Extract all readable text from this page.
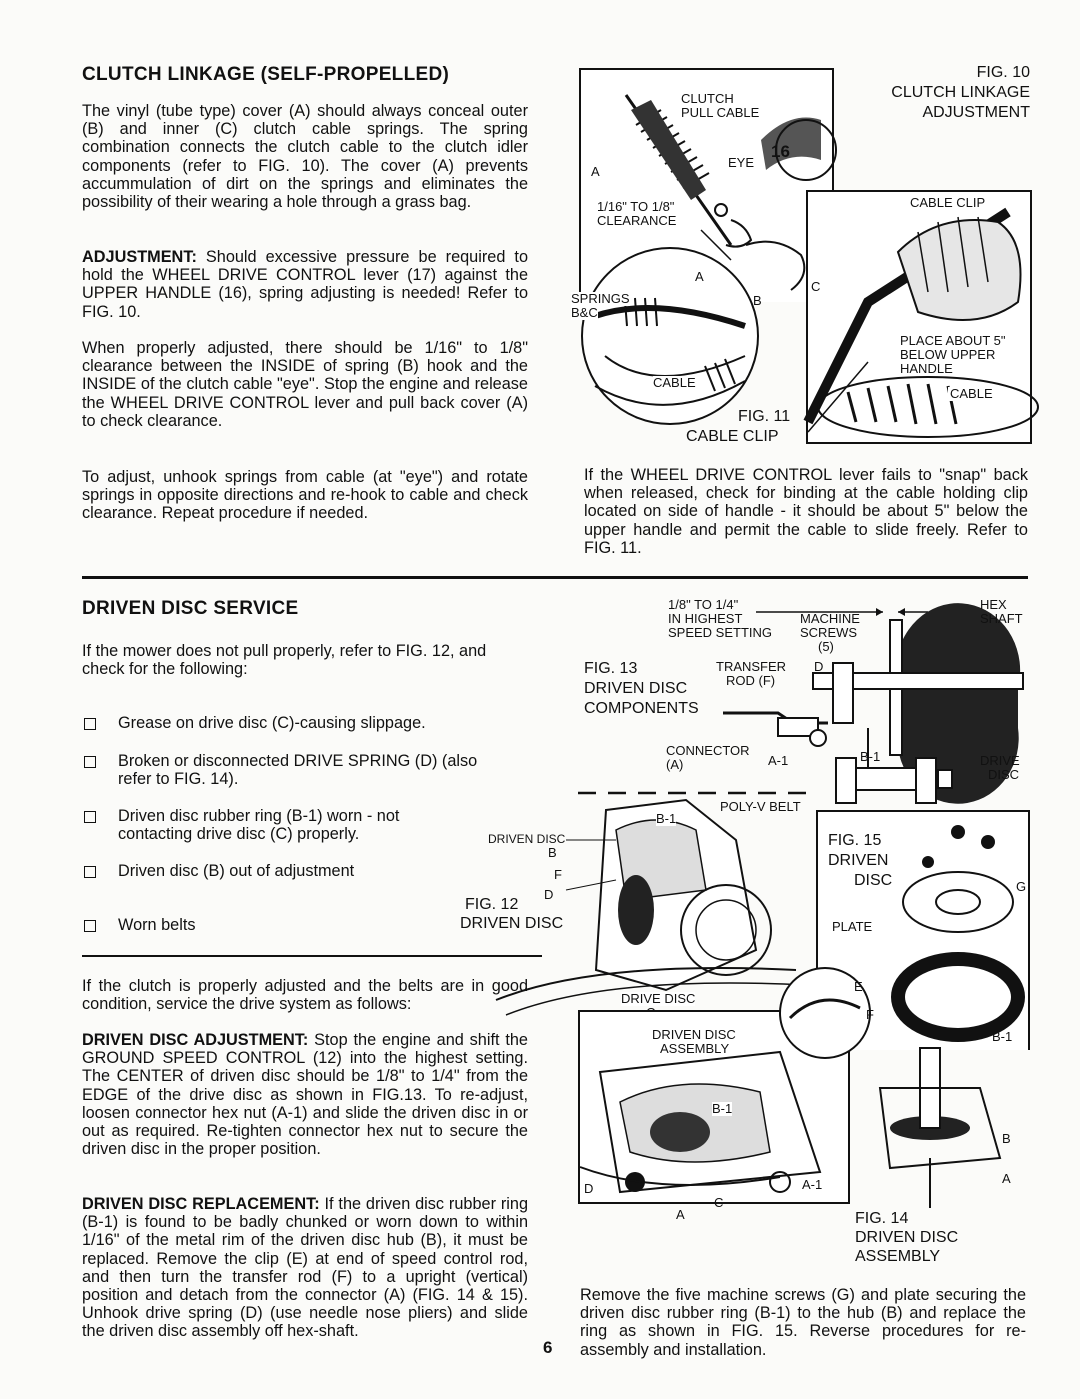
CLUTCH LINKAGE (SELF-PROPELLED)
The vinyl (tube type) cover (A) should always conceal outer (B) and inner (C) clutch cable springs. The spring combination connects the clutch cable to the clutch idler components (refer to FIG. 10). The cover (A) prevents accummulation of dirt on the springs and eliminates the possibility of their wearing a hole through a grass bag.
ADJUSTMENT: Should excessive pressure be required to hold the WHEEL DRIVE CONTROL lever (17) against the UPPER HANDLE (16), spring adjusting is needed! Refer to FIG. 10.
When properly adjusted, there should be 1/16" to 1/8" clearance between the INSIDE of spring (B) hook and the INSIDE of the clutch cable "eye". Stop the engine and release the WHEEL DRIVE CONTROL lever and pull back cover (A) to check clearance.
To adjust, unhook springs from cable (at "eye") and rotate springs in opposite directions and re-hook to cable and check clearance. Repeat procedure if needed.
FIG. 10
CLUTCH LINKAGE
ADJUSTMENT
CLUTCH
PULL CABLE
EYE
A
1/16" TO 1/8"
CLEARANCE
16
CABLE CLIP
PLACE ABOUT 5"
BELOW UPPER
HANDLE
CABLE
SPRINGS
B&C
A
B
C
CABLE
FIG. 11
CABLE CLIP
If the WHEEL DRIVE CONTROL lever fails to "snap" back when released, check for binding at the cable holding clip located on side of handle - it should be about 5" below the upper handle and permit the cable to slide freely. Refer to FIG. 11.
DRIVEN DISC SERVICE
If the mower does not pull properly, refer to FIG. 12, and check for the following:
Grease on drive disc (C)-causing slippage.
Broken or disconnected DRIVE SPRING (D) (also refer to FIG. 14).
Driven disc rubber ring (B-1) worn - not contacting drive disc (C) properly.
Driven disc (B) out of adjustment
Worn belts
FIG. 12
DRIVEN DISC
If the clutch is properly adjusted and the belts are in good condition, service the drive system as follows:
DRIVEN DISC ADJUSTMENT: Stop the engine and shift the GROUND SPEED CONTROL (12) into the highest setting. The CENTER of driven disc should be 1/8" to 1/4" from the EDGE of the drive disc as shown in FIG.13. To re-adjust, loosen connector hex nut (A-1) and slide the driven disc in or out as required. Re-tighten connector hex nut to secure the driven disc in the proper position.
DRIVEN DISC REPLACEMENT: If the driven disc rubber ring (B-1) is found to be badly chunked or worn down to within 1/16" of the metal rim of the driven disc hub (B), it must be replaced. Remove the clip (E) at end of speed control rod, and then turn the transfer rod (F) to a upright (vertical) position and detach from the connector (A) (FIG. 14 & 15). Unhook drive spring (D) (use needle nose pliers) and slide the driven disc assembly off hex-shaft.
6
1/8" TO 1/4"
IN HIGHEST
SPEED SETTING
MACHINE
SCREWS
(5)
HEX
SHAFT
TRANSFER D
ROD (F)
CONNECTOR
(A)	A-1	B-1	DRIVE
DISC
FIG. 13
DRIVEN DISC
COMPONENTS
DRIVEN DISC
B
F
D
B-1
POLY-V BELT
DRIVE DISC
FIG. 15
DRIVEN
DISC	G
PLATE
DRIVEN DISC
ASSEMBLY
B-1
D	A-1
C
A
E
F
B-1
B
A
FIG. 14
DRIVEN DISC
ASSEMBLY
Remove the five machine screws (G) and plate securing the driven disc rubber ring (B-1) to the hub (B) and replace the ring as shown in FIG. 15. Reverse procedures for re-assembly and installation.
